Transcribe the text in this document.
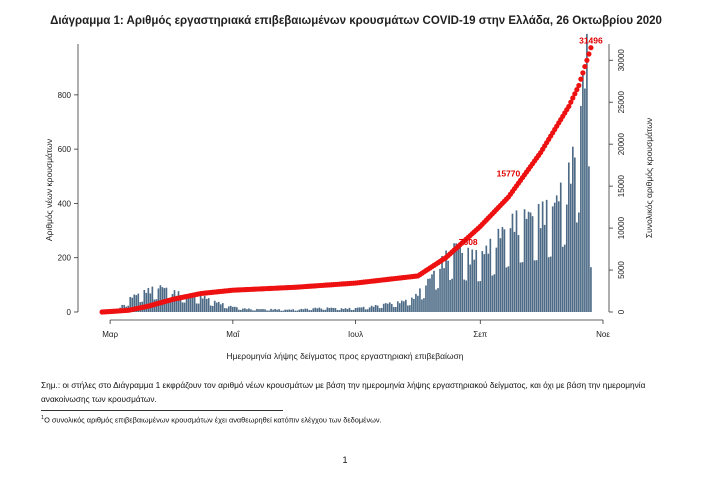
Διάγραμμα 1: Αριθμός εργαστηριακά επιβεβαιωμένων κρουσμάτων COVID-19 στην Ελλάδα, 26 Οκτωβρίου 2020
0
200
400
600
800
0
5000
10000
15000
20000
25000
30000
Μαρ	Μαΐ	Ιουλ	Σεπ	Νοε
7608
15770
31496
Αριθμός νέων κρουσμάτων	Συνολικός αριθμός κρουσμάτων
Ημερομηνία λήψης δείγματος προς εργαστηριακή επιβεβαίωση
Σημ.: οι στήλες στο Διάγραμμα 1 εκφράζουν τον αριθμό νέων κρουσμάτων με βάση την ημερομηνία λήψης εργαστηριακού δείγματος, και όχι με βάση την ημερομηνία ανακοίνωσης των κρουσμάτων.
$^1$Ο συνολικός αριθμός επιβεβαιωμένων κρουσμάτων έχει αναθεωρηθεί κατόπιν ελέγχου των δεδομένων.
1
